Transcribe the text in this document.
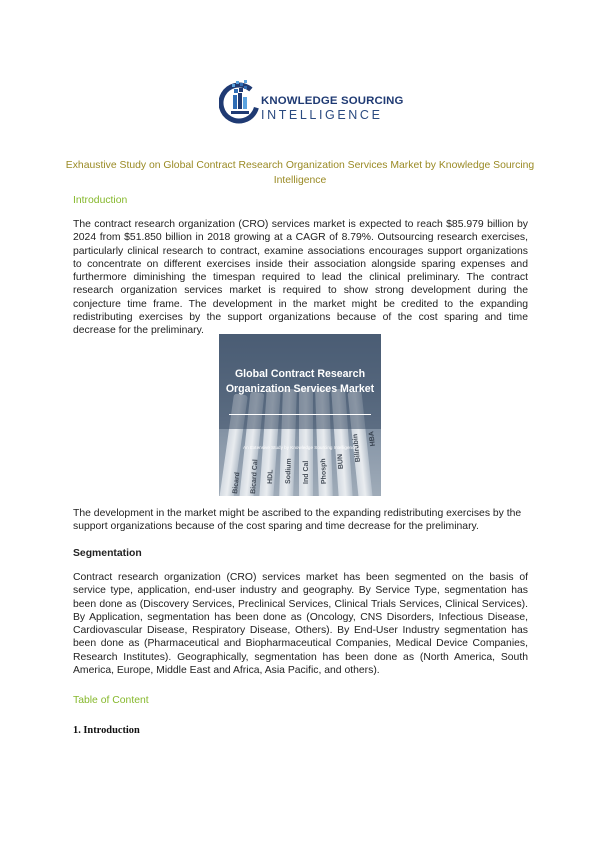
KNOWLEDGE SOURCING
INTELLIGENCE
Exhaustive Study on Global Contract Research Organization Services Market by Knowledge Sourcing Intelligence
Introduction

The contract research organization (CRO) services market is expected to reach $85.979 billion by 2024 from $51.850 billion in 2018 growing at a CAGR of 8.79%. Outsourcing research exercises, particularly clinical research to contract, examine associations encourages support organizations to concentrate on different exercises inside their association alongside sparing expenses and furthermore diminishing the timespan required to lead the clinical preliminary. The contract research organization services market is required to show strong development during the conjecture time frame. The development in the market might be credited to the expanding redistributing exercises by the support organizations because of the cost sparing and time decrease for the preliminary.

Bicard Bicard Cal HDL Sodium Ind Cal Phosph BUN Bilirubin HBA
Global Contract Research
Organization Services Market
An Extensive Study by Knowledge Sourcing Intelligence

The development in the market might be ascribed to the expanding redistributing exercises by the support organizations because of the cost sparing and time decrease for the preliminary.

Segmentation

Contract research organization (CRO) services market has been segmented on the basis of service type, application, end-user industry and geography. By Service Type, segmentation has been done as (Discovery Services, Preclinical Services, Clinical Trials Services, Clinical Services). By Application, segmentation has been done as (Oncology, CNS Disorders, Infectious Disease, Cardiovascular Disease, Respiratory Disease, Others). By End-User Industry segmentation has been done as (Pharmaceutical and Biopharmaceutical Companies, Medical Device Companies, Research Institutes). Geographically, segmentation has been done as (North America, South America, Europe, Middle East and Africa, Asia Pacific, and others).

Table of Content
1. Introduction
